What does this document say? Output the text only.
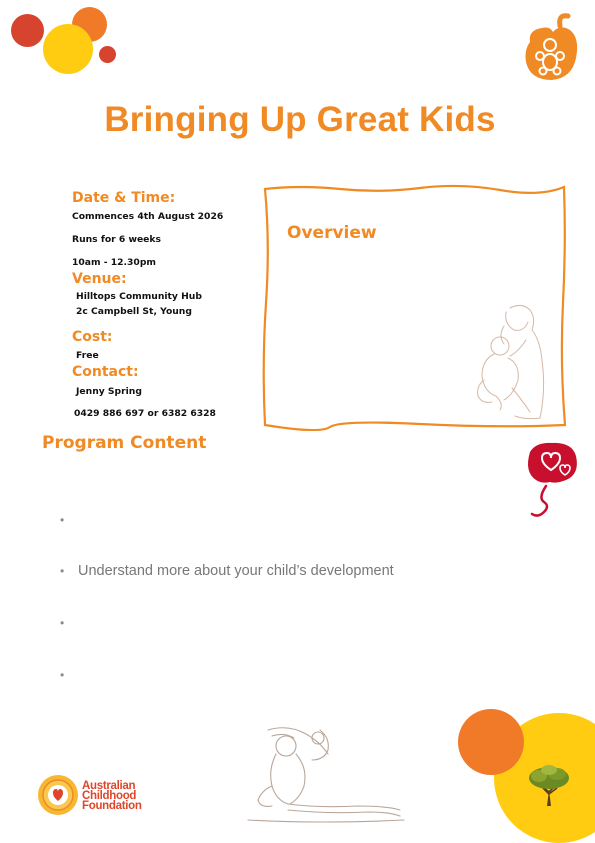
Bringing Up Great Kids
Date & Time:
Commences 4th August 2026
Runs for 6 weeks
10am - 12.30pm
Venue:
Hilltops Community Hub
2c Campbell St, Young
Cost:
Free
Contact:
Jenny Spring
0429 886 697 or 6382 6328
Overview
Program Content
•
• Understand more about your child’s development
•
•
Australian
Childhood
Foundation
